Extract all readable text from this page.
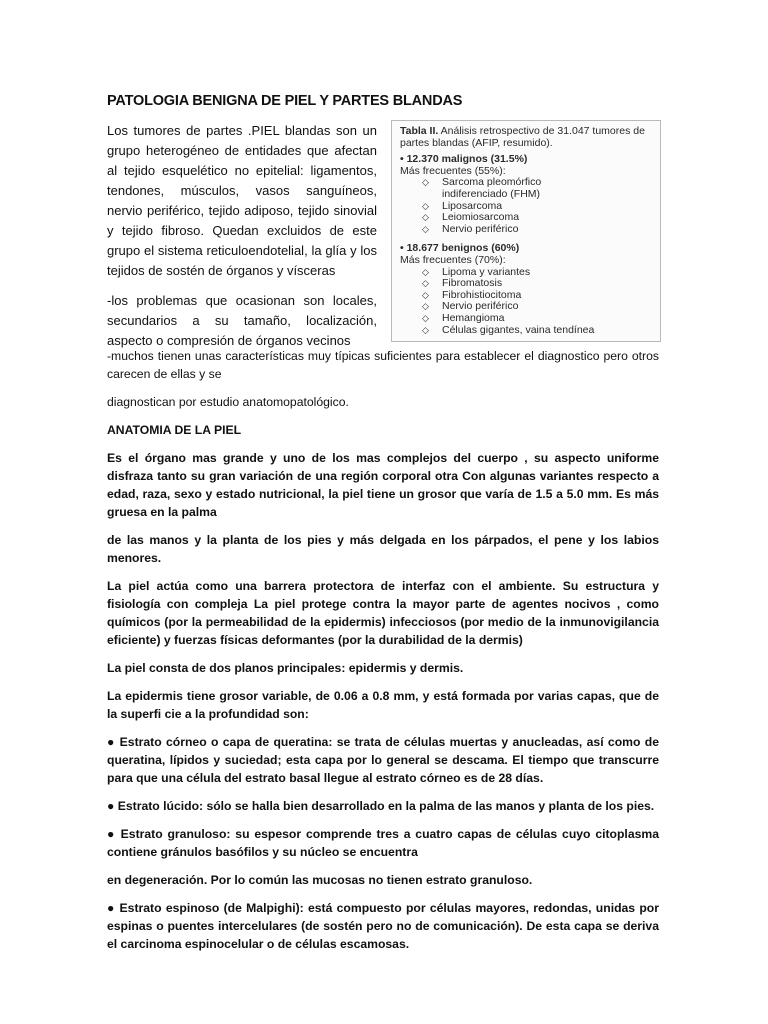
PATOLOGIA BENIGNA DE PIEL Y PARTES BLANDAS

Los tumores de partes .PIEL blandas son un grupo heterogéneo de entidades que afectan al tejido esquelético no epitelial: ligamentos, tendones, músculos, vasos sanguíneos, nervio periférico, tejido adiposo, tejido sinovial y tejido fibroso. Quedan excluidos de este grupo el sistema reticuloendotelial, la glía y los tejidos de sostén de órganos y vísceras

-los problemas que ocasionan son locales, secundarios a su tamaño, localización, aspecto o compresión de órganos vecinos

Tabla II. Análisis retrospectivo de 31.047 tumores de partes blandas (AFIP, resumido).
• 12.370 malignos (31.5%)
Más frecuentes (55%):
◇ Sarcoma pleomórfico
indiferenciado (FHM)
◇ Liposarcoma
◇ Leiomiosarcoma
◇ Nervio periférico
• 18.677 benignos (60%)
Más frecuentes (70%):
◇ Lipoma y variantes
◇ Fibromatosis
◇ Fibrohistiocitoma
◇ Nervio periférico
◇ Hemangioma
◇ Células gigantes, vaina tendínea

-muchos tienen unas características muy típicas suficientes para establecer el diagnostico pero otros carecen de ellas y se

diagnostican por estudio anatomopatológico.

ANATOMIA DE LA PIEL

Es el órgano mas grande y uno de los mas complejos del cuerpo , su aspecto uniforme disfraza tanto su gran variación de una región corporal otra Con algunas variantes respecto a edad, raza, sexo y estado nutricional, la piel tiene un grosor que varía de 1.5 a 5.0 mm. Es más gruesa en la palma

de las manos y la planta de los pies y más delgada en los párpados, el pene y los labios menores.

La piel actúa como una barrera protectora de interfaz con el ambiente. Su estructura y fisiología con compleja La piel protege contra la mayor parte de agentes nocivos , como químicos (por la permeabilidad de la epidermis) infecciosos (por medio de la inmunovigilancia eficiente) y fuerzas físicas deformantes (por la durabilidad de la dermis)

La piel consta de dos planos principales: epidermis y dermis.

La epidermis tiene grosor variable, de 0.06 a 0.8 mm, y está formada por varias capas, que de la superfi cie a la profundidad son:

● Estrato córneo o capa de queratina: se trata de células muertas y anucleadas, así como de queratina, lípidos y suciedad; esta capa por lo general se descama. El tiempo que transcurre para que una célula del estrato basal llegue al estrato córneo es de 28 días.

● Estrato lúcido: sólo se halla bien desarrollado en la palma de las manos y planta de los pies.

● Estrato granuloso: su espesor comprende tres a cuatro capas de células cuyo citoplasma contiene gránulos basófilos y su núcleo se encuentra

en degeneración. Por lo común las mucosas no tienen estrato granuloso.

● Estrato espinoso (de Malpighi): está compuesto por células mayores, redondas, unidas por espinas o puentes intercelulares (de sostén pero no de comunicación). De esta capa se deriva el carcinoma espinocelular o de células escamosas.
